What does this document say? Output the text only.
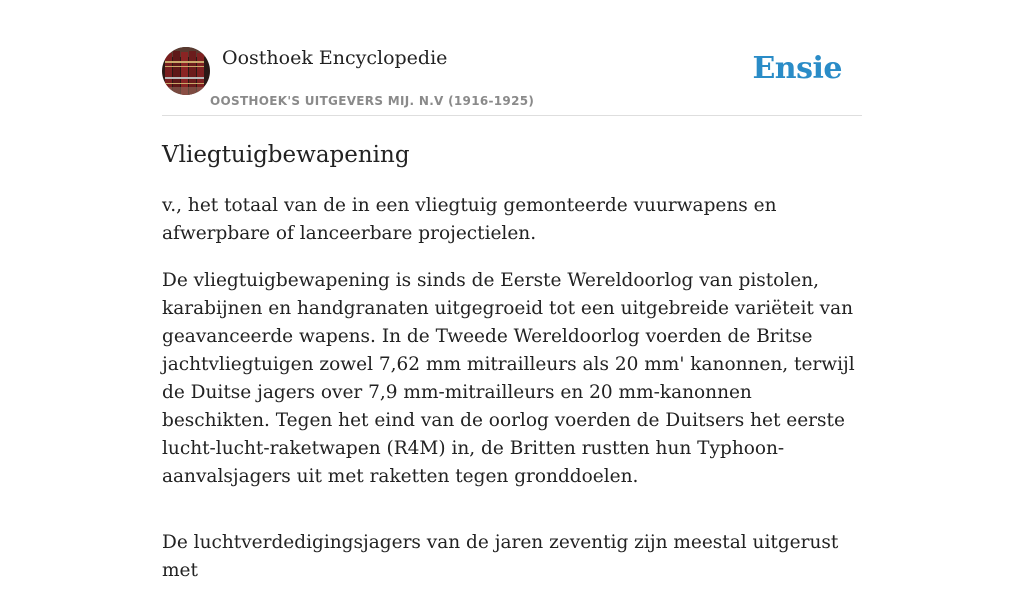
Oosthoek Encyclopedie
OOSTHOEK'S UITGEVERS MIJ. N.V (1916-1925)
Ensie
Vliegtuigbewapening

v., het totaal van de in een vliegtuig gemonteerde vuurwapens en afwerpbare of lanceerbare projectielen.

De vliegtuigbewapening is sinds de Eerste Wereldoorlog van pistolen, karabijnen en handgranaten uitgegroeid tot een uitgebreide variëteit van geavanceerde wapens. In de Tweede Wereldoorlog voerden de Britse jachtvliegtuigen zowel 7,62 mm mitrailleurs als 20 mm' kanonnen, terwijl de Duitse jagers over 7,9 mm-mitrailleurs en 20 mm-kanonnen beschikten. Tegen het eind van de oorlog voerden de Duitsers het eerste lucht-lucht-raketwapen (R4M) in, de Britten rustten hun Typhoon-aanvalsjagers uit met raketten tegen gronddoelen.

De luchtverdedigingsjagers van de jaren zeventig zijn meestal uitgerust met
